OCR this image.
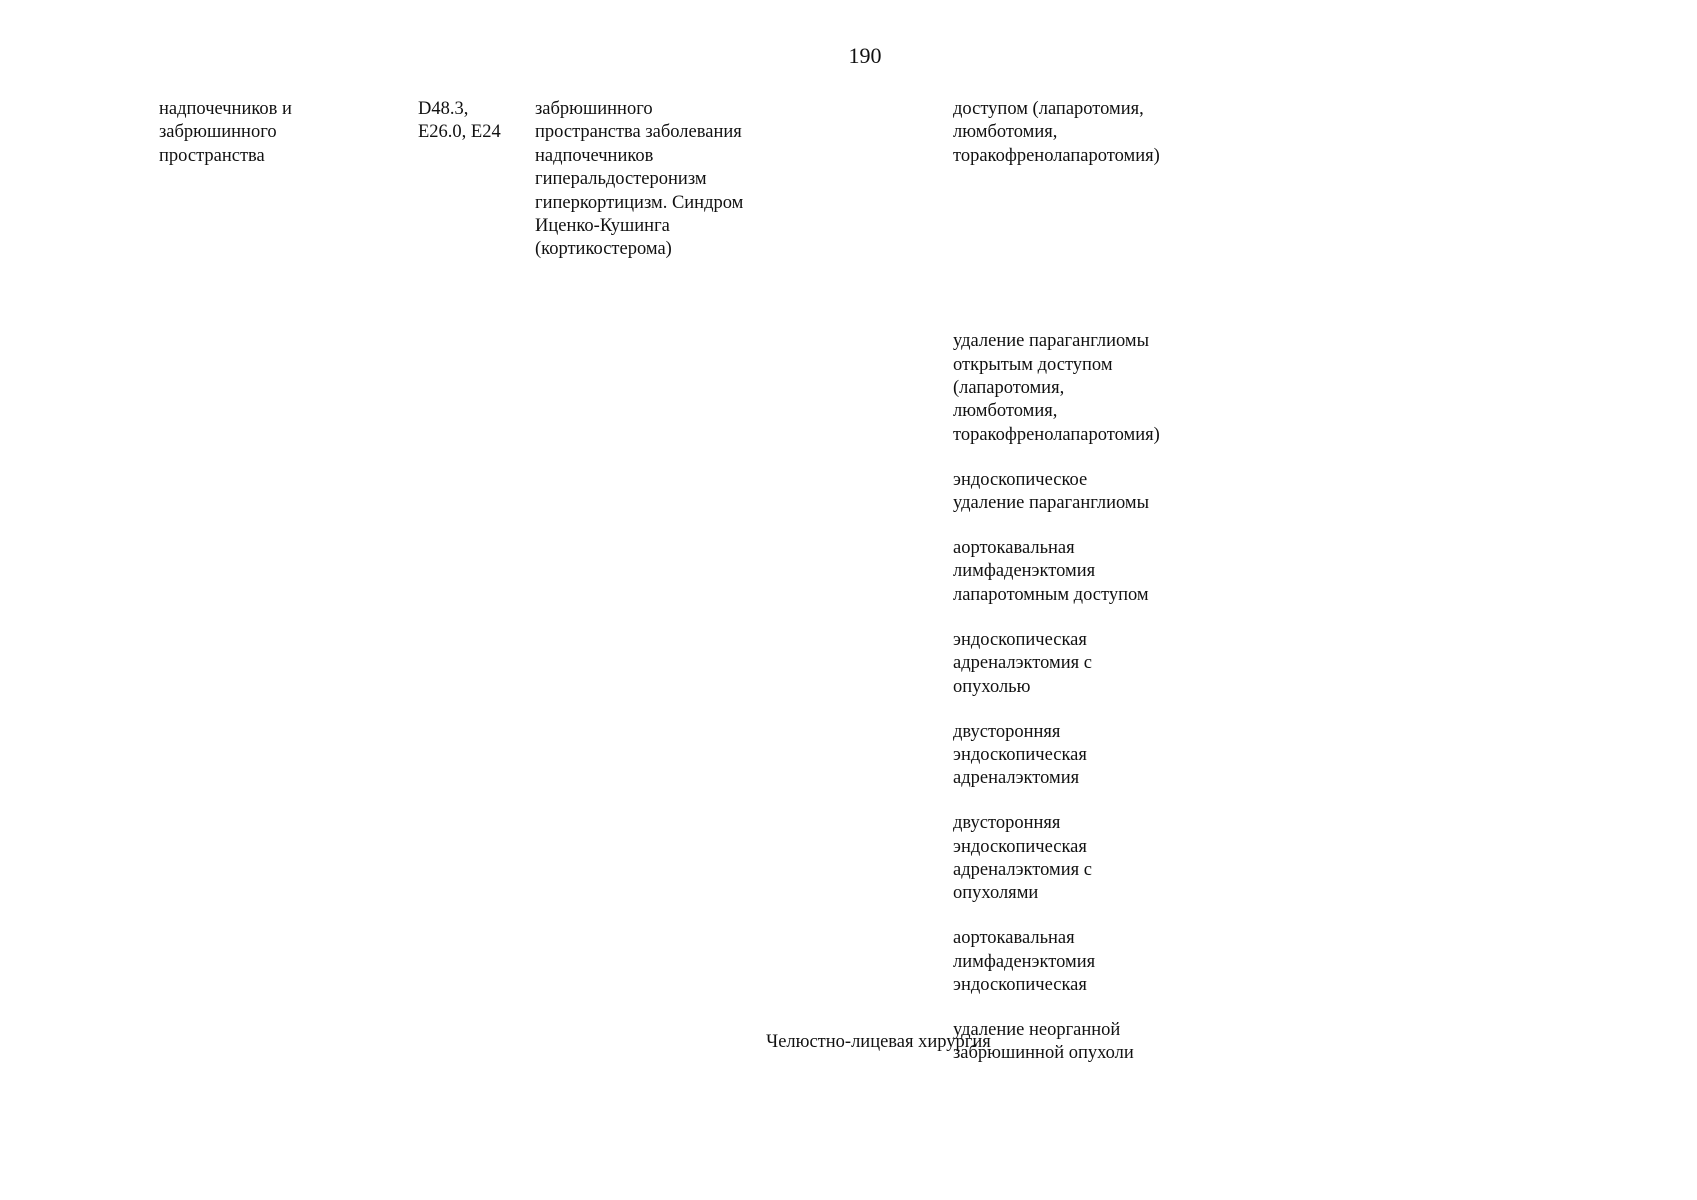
190
надпочечников и
забрюшинного
пространства
D48.3,
E26.0, E24
забрюшинного
пространства заболевания
надпочечников
гиперальдостеронизм
гиперкортицизм. Синдром
Иценко-Кушинга
(кортикостерома)
доступом (лапаротомия,
люмботомия,
торакофренолапаротомия)
удаление параганглиомы
открытым доступом
(лапаротомия,
люмботомия,
торакофренолапаротомия)
эндоскопическое
удаление параганглиомы
аортокавальная
лимфаденэктомия
лапаротомным доступом
эндоскопическая
адреналэктомия с
опухолью
двусторонняя
эндоскопическая
адреналэктомия
двусторонняя
эндоскопическая
адреналэктомия с
опухолями
аортокавальная
лимфаденэктомия
эндоскопическая
удаление неорганной
забрюшинной опухоли
Челюстно-лицевая хирургия
